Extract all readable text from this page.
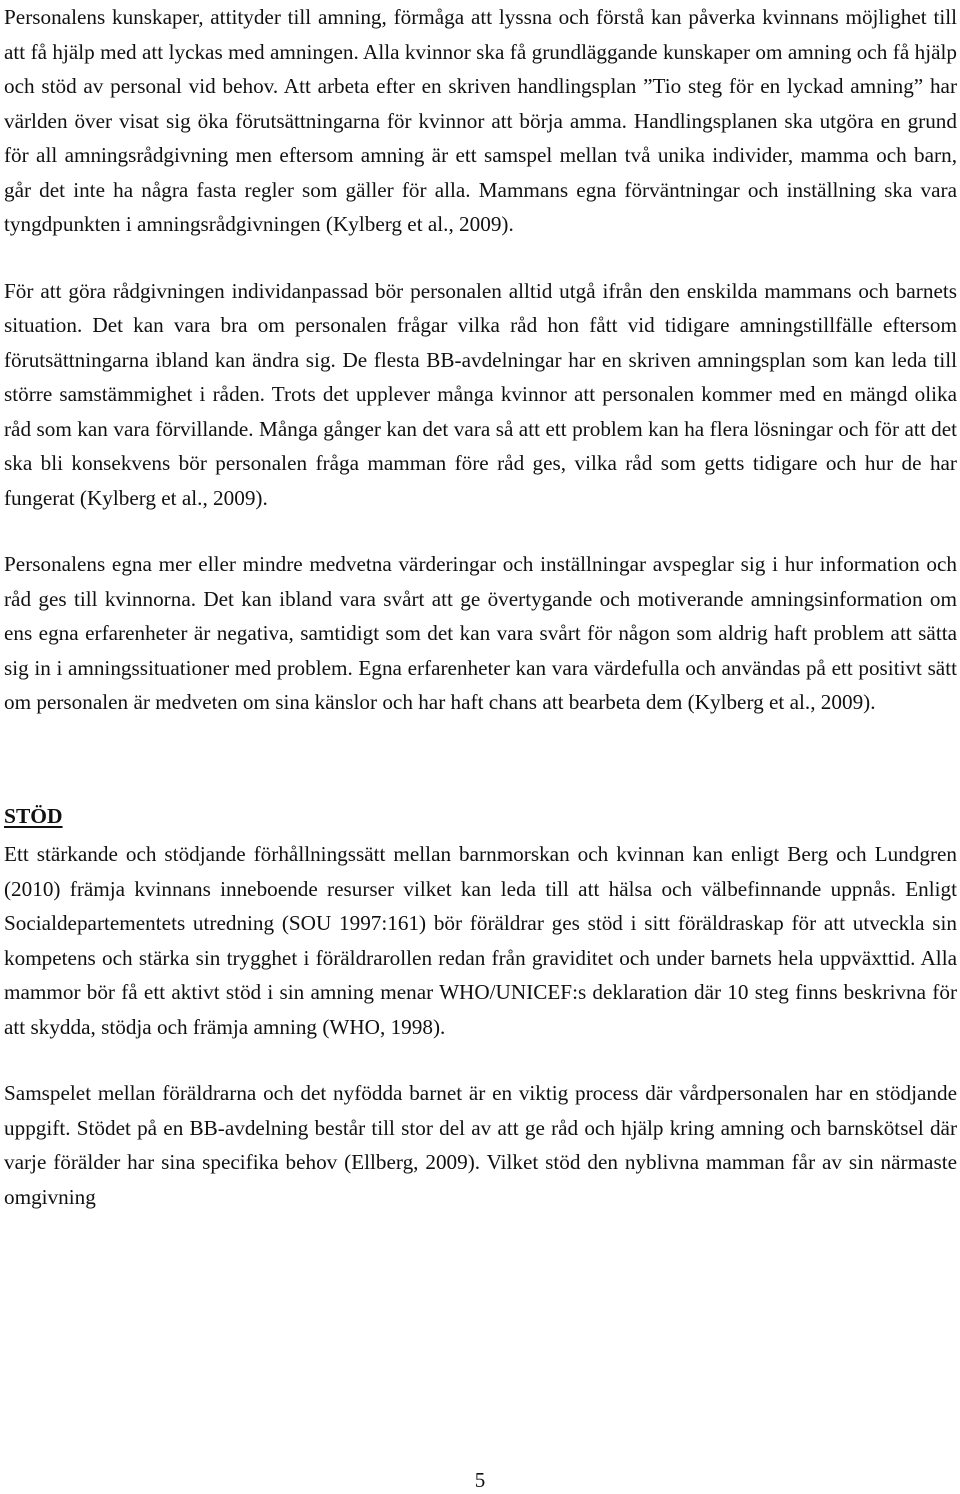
Personalens kunskaper, attityder till amning, förmåga att lyssna och förstå kan påverka kvinnans möjlighet till att få hjälp med att lyckas med amningen. Alla kvinnor ska få grundläggande kunskaper om amning och få hjälp och stöd av personal vid behov. Att arbeta efter en skriven handlingsplan ”Tio steg för en lyckad amning” har världen över visat sig öka förutsättningarna för kvinnor att börja amma. Handlingsplanen ska utgöra en grund för all amningsrådgivning men eftersom amning är ett samspel mellan två unika individer, mamma och barn, går det inte ha några fasta regler som gäller för alla. Mammans egna förväntningar och inställning ska vara tyngdpunkten i amningsrådgivningen (Kylberg et al., 2009).

För att göra rådgivningen individanpassad bör personalen alltid utgå ifrån den enskilda mammans och barnets situation. Det kan vara bra om personalen frågar vilka råd hon fått vid tidigare amningstillfälle eftersom förutsättningarna ibland kan ändra sig. De flesta BB-avdelningar har en skriven amningsplan som kan leda till större samstämmighet i råden. Trots det upplever många kvinnor att personalen kommer med en mängd olika råd som kan vara förvillande. Många gånger kan det vara så att ett problem kan ha flera lösningar och för att det ska bli konsekvens bör personalen fråga mamman före råd ges, vilka råd som getts tidigare och hur de har fungerat (Kylberg et al., 2009).

Personalens egna mer eller mindre medvetna värderingar och inställningar avspeglar sig i hur information och råd ges till kvinnorna. Det kan ibland vara svårt att ge övertygande och motiverande amningsinformation om ens egna erfarenheter är negativa, samtidigt som det kan vara svårt för någon som aldrig haft problem att sätta sig in i amningssituationer med problem. Egna erfarenheter kan vara värdefulla och användas på ett positivt sätt om personalen är medveten om sina känslor och har haft chans att bearbeta dem (Kylberg et al., 2009).

STÖD

Ett stärkande och stödjande förhållningssätt mellan barnmorskan och kvinnan kan enligt Berg och Lundgren (2010) främja kvinnans inneboende resurser vilket kan leda till att hälsa och välbefinnande uppnås. Enligt Socialdepartementets utredning (SOU 1997:161) bör föräldrar ges stöd i sitt föräldraskap för att utveckla sin kompetens och stärka sin trygghet i föräldrarollen redan från graviditet och under barnets hela uppväxttid. Alla mammor bör få ett aktivt stöd i sin amning menar WHO/UNICEF:s deklaration där 10 steg finns beskrivna för att skydda, stödja och främja amning (WHO, 1998).

Samspelet mellan föräldrarna och det nyfödda barnet är en viktig process där vårdpersonalen har en stödjande uppgift. Stödet på en BB-avdelning består till stor del av att ge råd och hjälp kring amning och barnskötsel där varje förälder har sina specifika behov (Ellberg, 2009). Vilket stöd den nyblivna mamman får av sin närmaste omgivning

5
